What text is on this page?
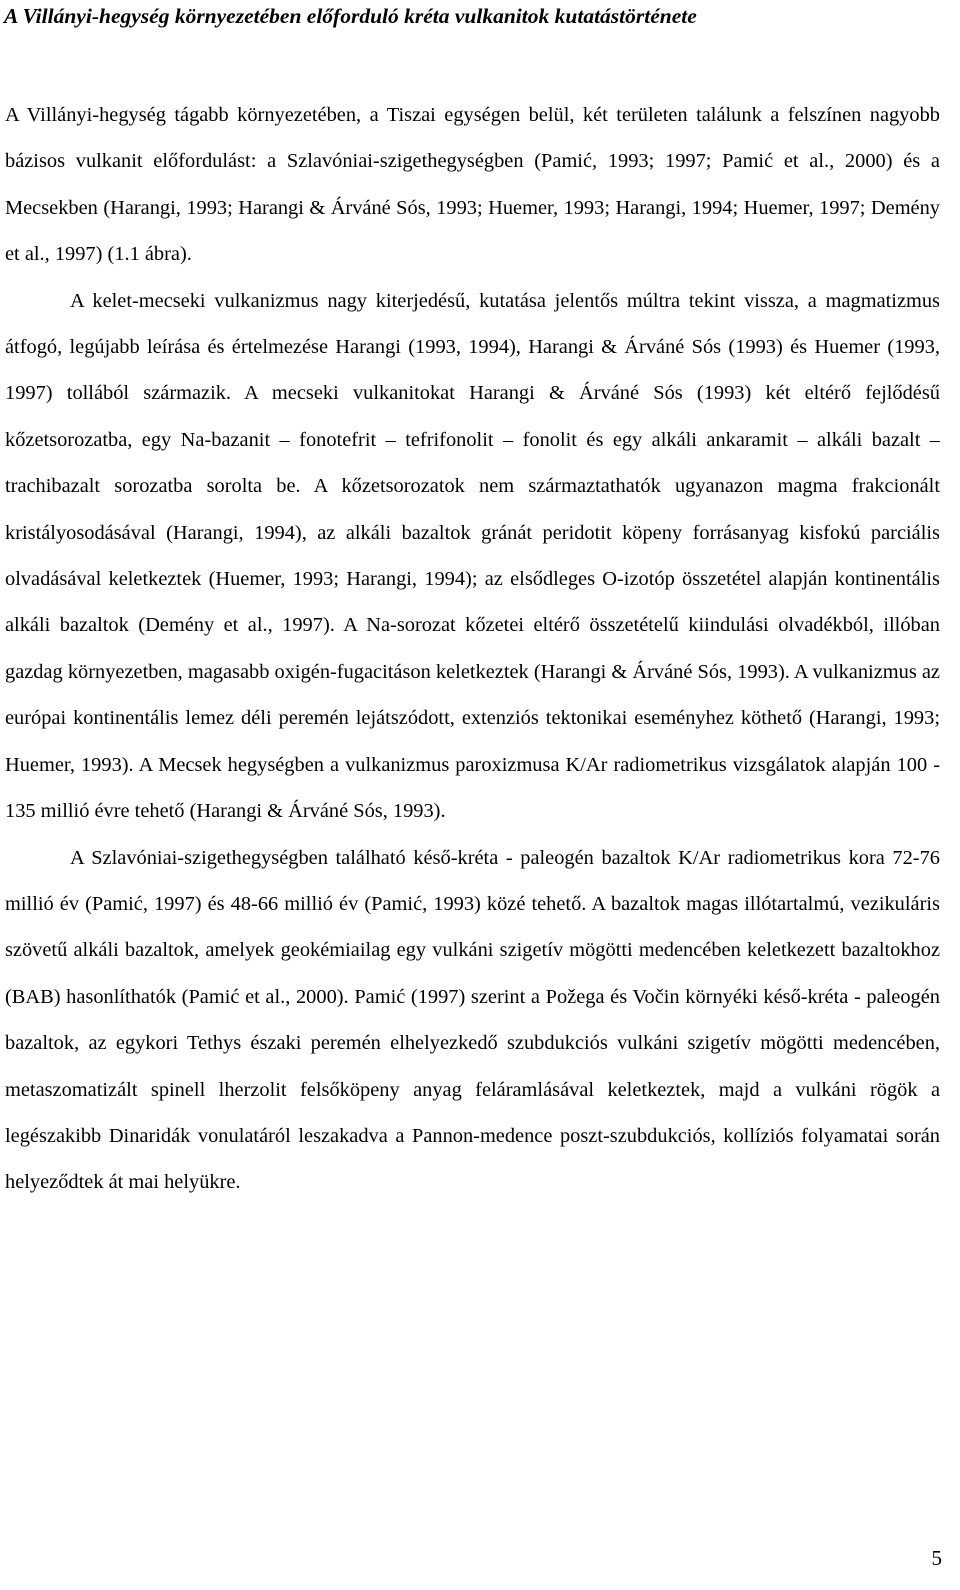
A Villányi-hegység környezetében előforduló kréta vulkanitok kutatástörténete

A Villányi-hegység tágabb környezetében, a Tiszai egységen belül, két területen találunk a felszínen nagyobb bázisos vulkanit előfordulást: a Szlavóniai-szigethegységben (Pamić, 1993; 1997; Pamić et al., 2000) és a Mecsekben (Harangi, 1993; Harangi & Árváné Sós, 1993; Huemer, 1993; Harangi, 1994; Huemer, 1997; Demény et al., 1997) (1.1 ábra).
A kelet-mecseki vulkanizmus nagy kiterjedésű, kutatása jelentős múltra tekint vissza, a magmatizmus átfogó, legújabb leírása és értelmezése Harangi (1993, 1994), Harangi & Árváné Sós (1993) és Huemer (1993, 1997) tollából származik. A mecseki vulkanitokat Harangi & Árváné Sós (1993) két eltérő fejlődésű kőzetsorozatba, egy Na-bazanit – fonotefrit – tefrifonolit – fonolit és egy alkáli ankaramit – alkáli bazalt – trachibazalt sorozatba sorolta be. A kőzetsorozatok nem származtathatók ugyanazon magma frakcionált kristályosodásával (Harangi, 1994), az alkáli bazaltok gránát peridotit köpeny forrásanyag kisfokú parciális olvadásával keletkeztek (Huemer, 1993; Harangi, 1994); az elsődleges O-izotóp összetétel alapján kontinentális alkáli bazaltok (Demény et al., 1997). A Na-sorozat kőzetei eltérő összetételű kiindulási olvadékból, illóban gazdag környezetben, magasabb oxigén-fugacitáson keletkeztek (Harangi & Árváné Sós, 1993). A vulkanizmus az európai kontinentális lemez déli peremén lejátszódott, extenziós tektonikai eseményhez köthető (Harangi, 1993; Huemer, 1993). A Mecsek hegységben a vulkanizmus paroxizmusa K/Ar radiometrikus vizsgálatok alapján 100 - 135 millió évre tehető (Harangi & Árváné Sós, 1993).

A Szlavóniai-szigethegységben található késő-kréta - paleogén bazaltok K/Ar radiometrikus kora 72-76 millió év (Pamić, 1997) és 48-66 millió év (Pamić, 1993) közé tehető. A bazaltok magas illótartalmú, vezikuláris szövetű alkáli bazaltok, amelyek geokémiailag egy vulkáni szigetív mögötti medencében keletkezett bazaltokhoz (BAB) hasonlíthatók (Pamić et al., 2000). Pamić (1997) szerint a Požega és Vočin környéki késő-kréta - paleogén bazaltok, az egykori Tethys északi peremén elhelyezkedő szubdukciós vulkáni szigetív mögötti medencében, metaszomatizált spinell lherzolit felsőköpeny anyag feláramlásával keletkeztek, majd a vulkáni rögök a legészakibb Dinaridák vonulatáról leszakadva a Pannon-medence poszt-szubdukciós, kollíziós folyamatai során helyeződtek át mai helyükre.

5
